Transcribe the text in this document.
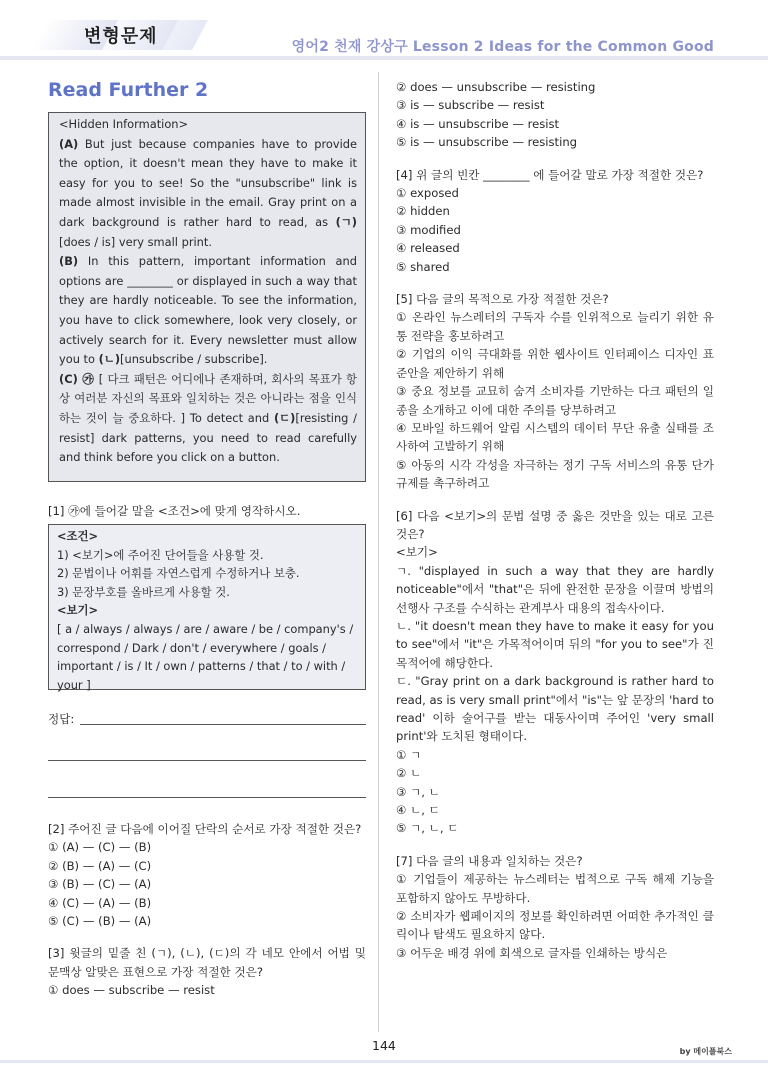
변형문제	영어2 천재 강상구 Lesson 2 Ideas for the Common Good
Read Further 2
<Hidden Information>
(A) But just because companies have to provide the option, it doesn't mean they have to make it easy for you to see! So the "unsubscribe" link is made almost invisible in the email. Gray print on a dark background is rather hard to read, as (ㄱ)[does / is] very small print.
(B) In this pattern, important information and options are ________ or displayed in such a way that they are hardly noticeable. To see the information, you have to click somewhere, look very closely, or actively search for it. Every newsletter must allow you to (ㄴ)[unsubscribe / subscribe].
(C) ㉮ [ 다크 패턴은 어디에나 존재하며, 회사의 목표가 항상 여러분 자신의 목표와 일치하는 것은 아니라는 점을 인식하는 것이 늘 중요하다. ] To detect and (ㄷ)[resisting / resist] dark patterns, you need to read carefully and think before you click on a button.
[1] ㉮에 들어갈 말을 <조건>에 맞게 영작하시오.
<조건>
1) <보기>에 주어진 단어들을 사용할 것.
2) 문법이나 어휘를 자연스럽게 수정하거나 보충.
3) 문장부호를 올바르게 사용할 것.
<보기>
[ a / always / always / are / aware / be / company's / correspond / Dark / don't / everywhere / goals / important / is / It / own / patterns / that / to / with / your ]
정답:
[2] 주어진 글 다음에 이어질 단락의 순서로 가장 적절한 것은?
① (A) — (C) — (B)
② (B) — (A) — (C)
③ (B) — (C) — (A)
④ (C) — (A) — (B)
⑤ (C) — (B) — (A)
[3] 윗글의 밑줄 친 (ㄱ), (ㄴ), (ㄷ)의 각 네모 안에서 어법 및 문맥상 알맞은 표현으로 가장 적절한 것은?
① does — subscribe — resist
② does — unsubscribe — resisting
③ is — subscribe — resist
④ is — unsubscribe — resist
⑤ is — unsubscribe — resisting
[4] 위 글의 빈칸 ________ 에 들어갈 말로 가장 적절한 것은?
① exposed
② hidden
③ modified
④ released
⑤ shared
[5] 다음 글의 목적으로 가장 적절한 것은?
① 온라인 뉴스레터의 구독자 수를 인위적으로 늘리기 위한 유통 전략을 홍보하려고
② 기업의 이익 극대화를 위한 웹사이트 인터페이스 디자인 표준안을 제안하기 위해
③ 중요 정보를 교묘히 숨겨 소비자를 기만하는 다크 패턴의 일종을 소개하고 이에 대한 주의를 당부하려고
④ 모바일 하드웨어 알림 시스템의 데이터 무단 유출 실태를 조사하여 고발하기 위해
⑤ 아동의 시각 각성을 자극하는 정기 구독 서비스의 유통 단가 규제를 촉구하려고
[6] 다음 <보기>의 문법 설명 중 옳은 것만을 있는 대로 고른 것은?
<보기>
ㄱ. "displayed in such a way that they are hardly noticeable"에서 "that"은 뒤에 완전한 문장을 이끌며 방법의 선행사 구조를 수식하는 관계부사 대용의 접속사이다.
ㄴ. "it doesn't mean they have to make it easy for you to see"에서 "it"은 가목적어이며 뒤의 "for you to see"가 진목적어에 해당한다.
ㄷ. "Gray print on a dark background is rather hard to read, as is very small print"에서 "is"는 앞 문장의 'hard to read' 이하 술어구를 받는 대동사이며 주어인 'very small print'와 도치된 형태이다.
① ㄱ
② ㄴ
③ ㄱ, ㄴ
④ ㄴ, ㄷ
⑤ ㄱ, ㄴ, ㄷ
[7] 다음 글의 내용과 일치하는 것은?
① 기업들이 제공하는 뉴스레터는 법적으로 구독 해제 기능을 포함하지 않아도 무방하다.
② 소비자가 웹페이지의 정보를 확인하려면 어떠한 추가적인 클릭이나 탐색도 필요하지 않다.
③ 어두운 배경 위에 회색으로 글자를 인쇄하는 방식은
144	by 메이플북스
